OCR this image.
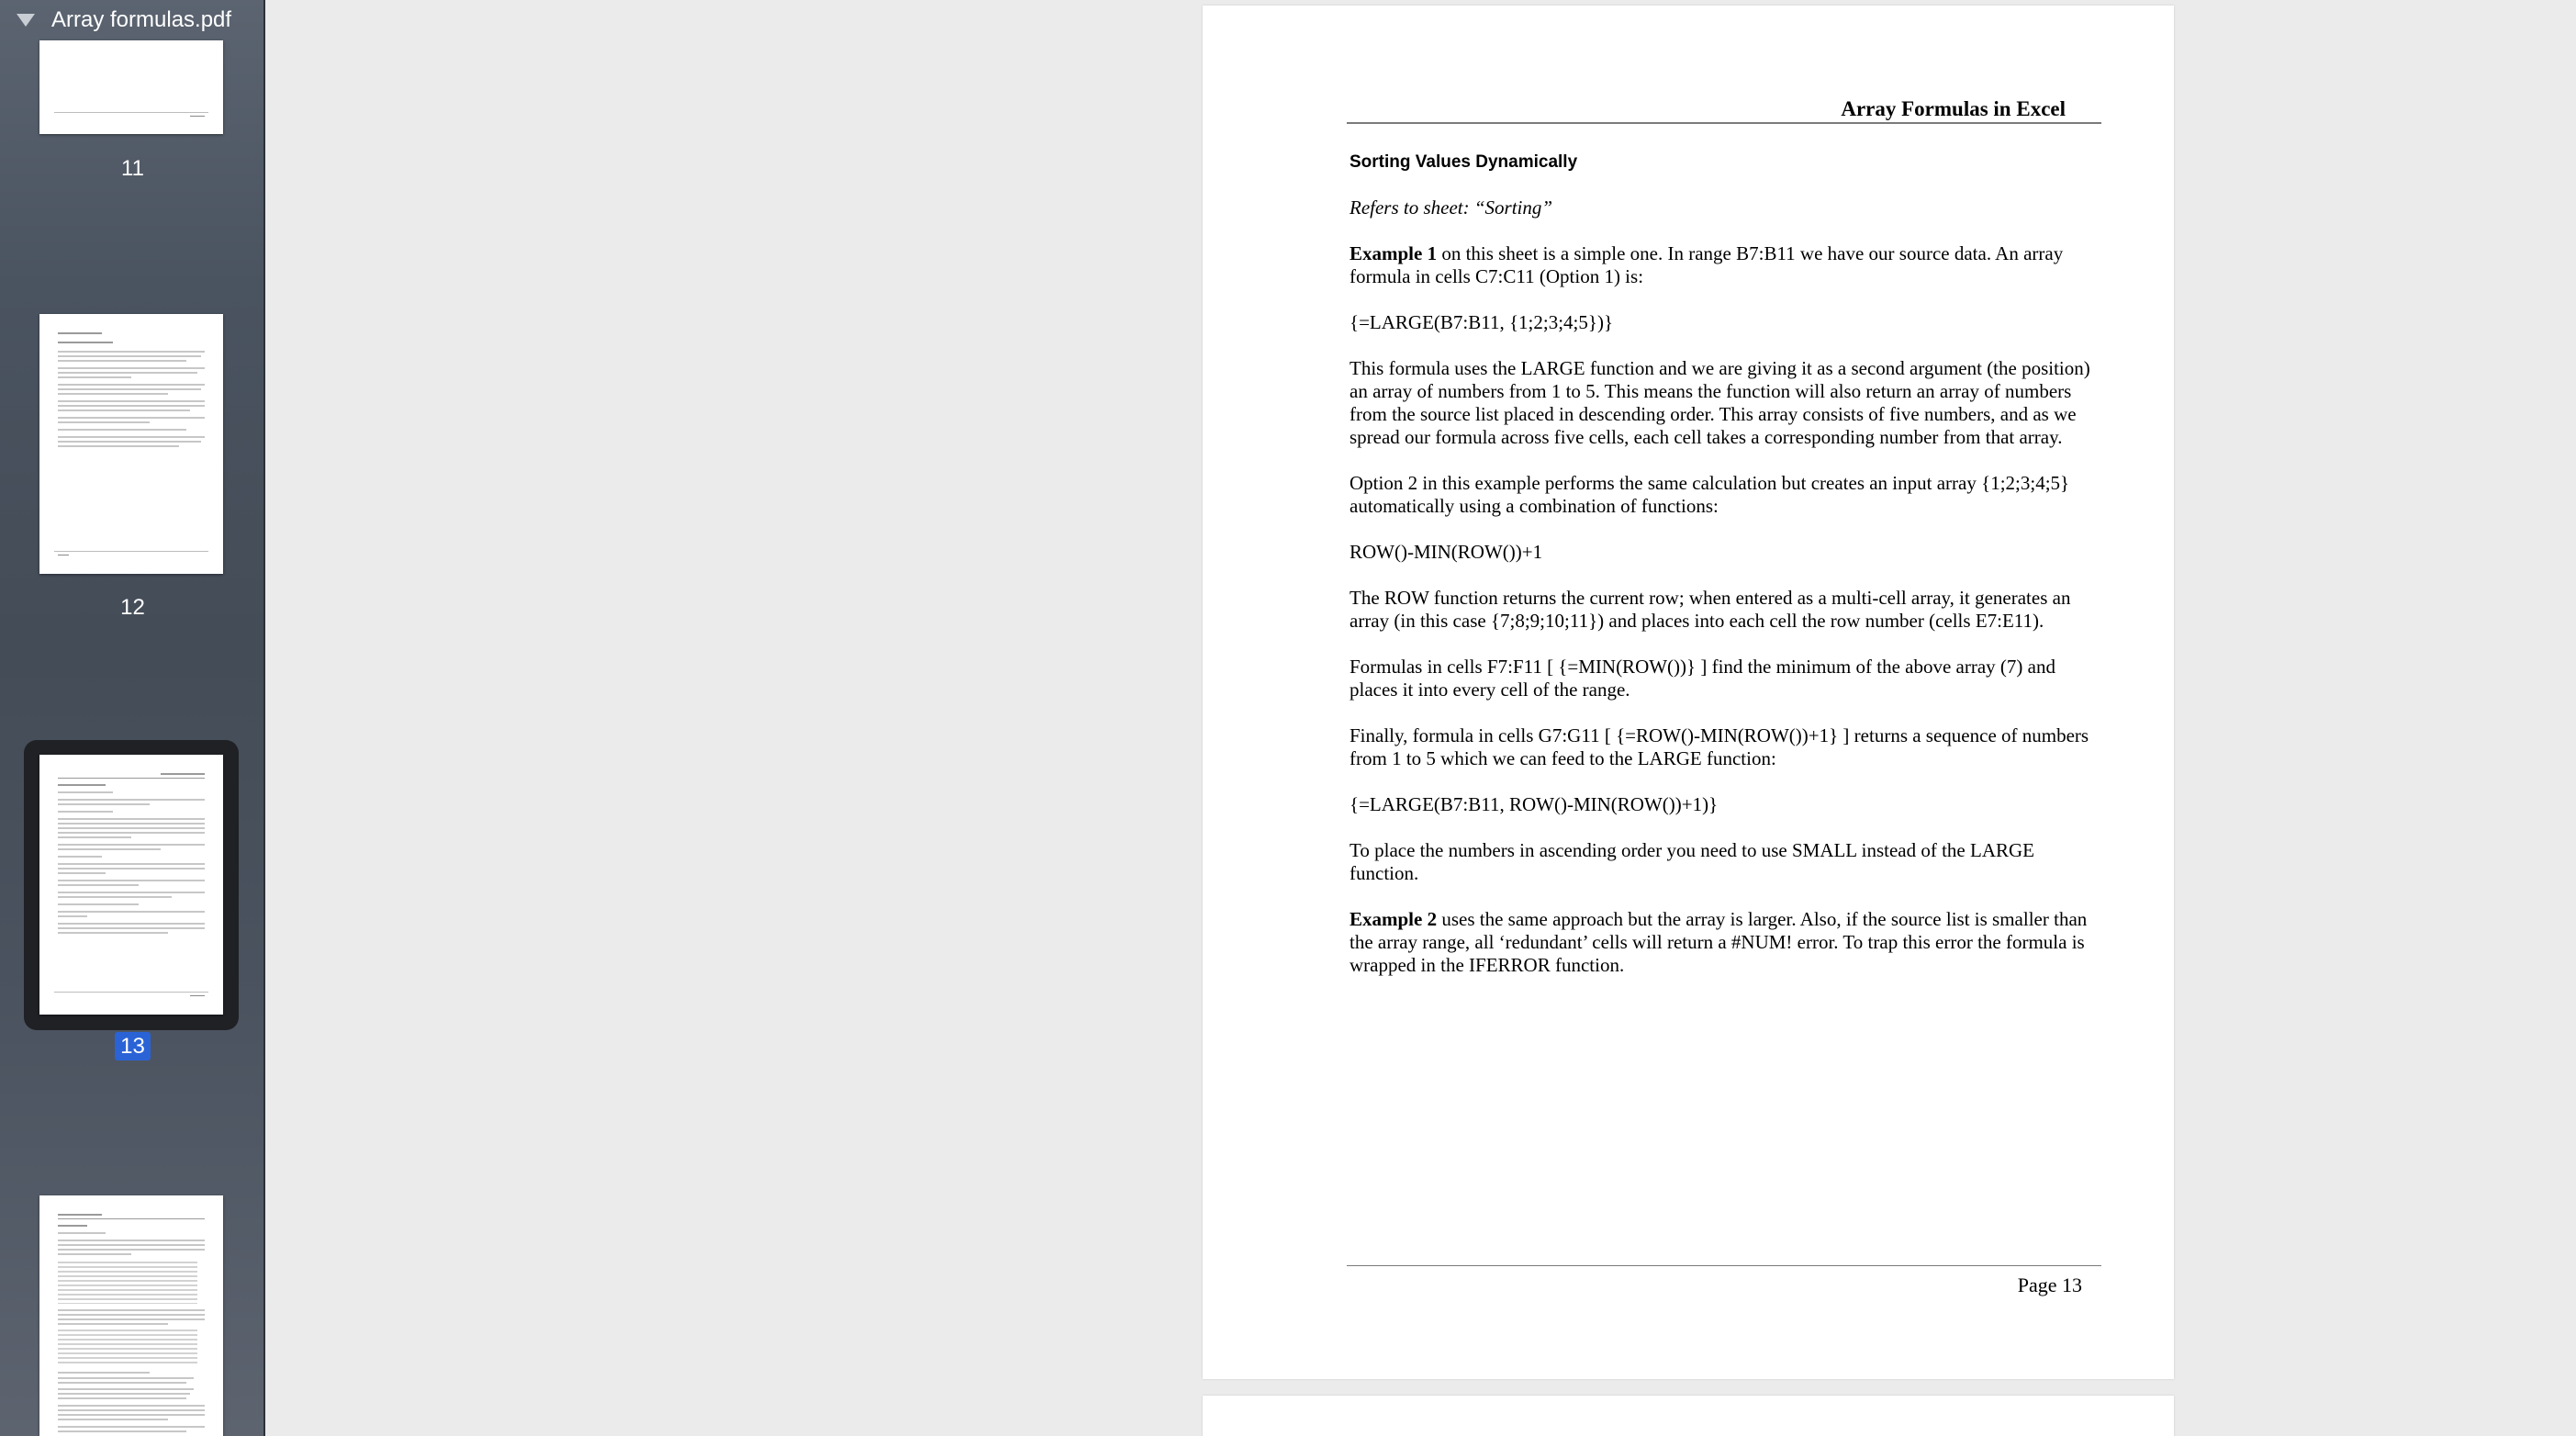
Array formulas.pdf
11
12
13
Array Formulas in Excel

Sorting Values Dynamically

Refers to sheet: “Sorting”

Example 1 on this sheet is a simple one. In range B7:B11 we have our source data. An array formula in cells C7:C11 (Option 1) is:

{=LARGE(B7:B11, {1;2;3;4;5})}

This formula uses the LARGE function and we are giving it as a second argument (the position) an array of numbers from 1 to 5. This means the function will also return an array of numbers from the source list placed in descending order. This array consists of five numbers, and as we spread our formula across five cells, each cell takes a corresponding number from that array.

Option 2 in this example performs the same calculation but creates an input array {1;2;3;4;5} automatically using a combination of functions:

ROW()-MIN(ROW())+1

The ROW function returns the current row; when entered as a multi-cell array, it generates an array (in this case {7;8;9;10;11}) and places into each cell the row number (cells E7:E11).

Formulas in cells F7:F11 [ {=MIN(ROW())} ] find the minimum of the above array (7) and places it into every cell of the range.

Finally, formula in cells G7:G11 [ {=ROW()-MIN(ROW())+1} ] returns a sequence of numbers from 1 to 5 which we can feed to the LARGE function:

{=LARGE(B7:B11, ROW()-MIN(ROW())+1)}

To place the numbers in ascending order you need to use SMALL instead of the LARGE function.

Example 2 uses the same approach but the array is larger. Also, if the source list is smaller than the array range, all ‘redundant’ cells will return a #NUM! error. To trap this error the formula is wrapped in the IFERROR function.

Page 13
